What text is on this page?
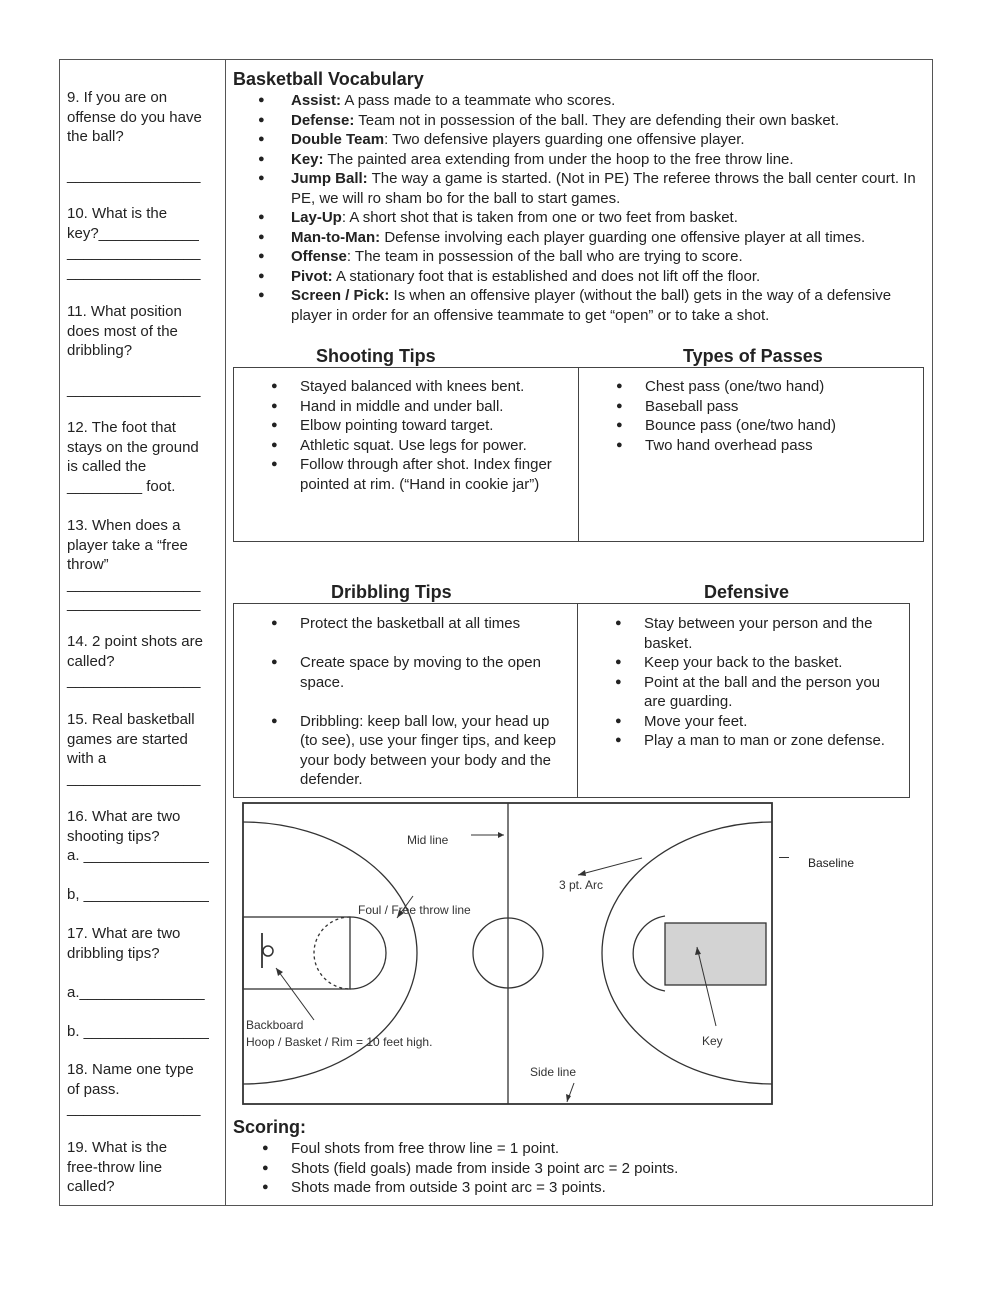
9. If you are on
offense do you have
the ball?
________________
10. What is the
key?____________
________________
________________
11. What position
does most of the
dribbling?
________________
12. The foot that
stays on the ground
is called the
_________ foot.
13. When does a
player take a “free
throw”
________________
________________
14. 2 point shots are
called?
________________
15. Real basketball
games are started
with a
________________
16. What are two
shooting tips?
a. _______________
b, _______________
17. What are two
dribbling tips?
a._______________
b. _______________
18. Name one type
of pass.
________________
19. What is the
free-throw line
called?
Basketball Vocabulary
● Assist: A pass made to a teammate who scores.
● Defense: Team not in possession of the ball. They are defending their own basket.
● Double Team: Two defensive players guarding one offensive player.
● Key: The painted area extending from under the hoop to the free throw line.
● Jump Ball: The way a game is started. (Not in PE) The referee throws the ball center court. In PE, we will ro sham bo for the ball to start games.
● Lay-Up: A short shot that is taken from one or two feet from basket.
● Man-to-Man: Defense involving each player guarding one offensive player at all times.
● Offense: The team in possession of the ball who are trying to score.
● Pivot: A stationary foot that is established and does not lift off the floor.
● Screen / Pick: Is when an offensive player (without the ball) gets in the way of a defensive player in order for an offensive teammate to get “open” or to take a shot.
Shooting Tips	Types of Passes
● Stayed balanced with knees bent.
● Hand in middle and under ball.
● Elbow pointing toward target.
● Athletic squat. Use legs for power.
● Follow through after shot. Index finger pointed at rim. (“Hand in cookie jar”)
● Chest pass (one/two hand)
● Baseball pass
● Bounce pass (one/two hand)
● Two hand overhead pass
Dribbling Tips	Defensive
● Protect the basketball at all times
● Create space by moving to the open space.
● Dribbling: keep ball low, your head up (to see), use your finger tips, and keep your body between your body and the defender.
● Stay between your person and the basket.
● Keep your back to the basket.
● Point at the ball and the person you are guarding.
● Move your feet.
● Play a man to man or zone defense.
Mid line
3 pt. Arc
Foul / Free throw line
Backboard
Hoop / Basket / Rim = 10 feet high.	Key
Side line
Baseline
Scoring:
● Foul shots from free throw line = 1 point.
● Shots (field goals) made from inside 3 point arc = 2 points.
● Shots made from outside 3 point arc = 3 points.
